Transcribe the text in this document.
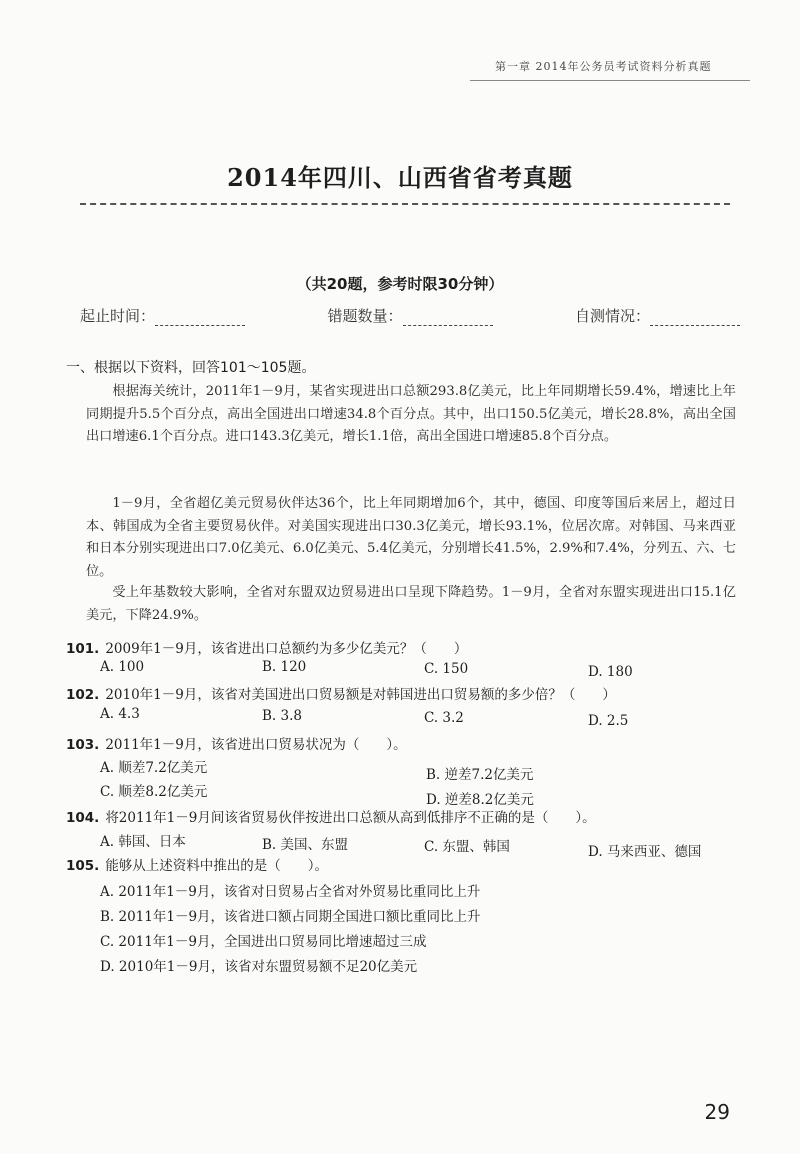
第一章 2014年公务员考试资料分析真题
2014年四川、山西省省考真题
（共20题，参考时限30分钟）
起止时间：	错题数量：	自测情况：
一、根据以下资料，回答101～105题。
根据海关统计，2011年1－9月，某省实现进出口总额293.8亿美元，比上年同期增长59.4%，增速比上年同期提升5.5个百分点，高出全国进出口增速34.8个百分点。其中，出口150.5亿美元，增长28.8%，高出全国出口增速6.1个百分点。进口143.3亿美元，增长1.1倍，高出全国进口增速85.8个百分点。
1－9月，全省超亿美元贸易伙伴达36个，比上年同期增加6个，其中，德国、印度等国后来居上，超过日本、韩国成为全省主要贸易伙伴。对美国实现进出口30.3亿美元，增长93.1%，位居次席。对韩国、马来西亚和日本分别实现进出口7.0亿美元、6.0亿美元、5.4亿美元，分别增长41.5%，2.9%和7.4%，分列五、六、七位。
受上年基数较大影响，全省对东盟双边贸易进出口呈现下降趋势。1－9月，全省对东盟实现进出口15.1亿美元，下降24.9%。
101. 2009年1－9月，该省进出口总额约为多少亿美元？（　　）
A. 100	B. 120	C. 150	D. 180
102. 2010年1－9月，该省对美国进出口贸易额是对韩国进出口贸易额的多少倍？（　　）
A. 4.3	B. 3.8	C. 3.2	D. 2.5
103. 2011年1－9月，该省进出口贸易状况为（　　）。
A. 顺差7.2亿美元	B. 逆差7.2亿美元
C. 顺差8.2亿美元	D. 逆差8.2亿美元
104. 将2011年1－9月间该省贸易伙伴按进出口总额从高到低排序不正确的是（　　）。
A. 韩国、日本	B. 美国、东盟	C. 东盟、韩国	D. 马来西亚、德国
105. 能够从上述资料中推出的是（　　）。
A. 2011年1－9月，该省对日贸易占全省对外贸易比重同比上升
B. 2011年1－9月，该省进口额占同期全国进口额比重同比上升
C. 2011年1－9月，全国进出口贸易同比增速超过三成
D. 2010年1－9月，该省对东盟贸易额不足20亿美元
29
